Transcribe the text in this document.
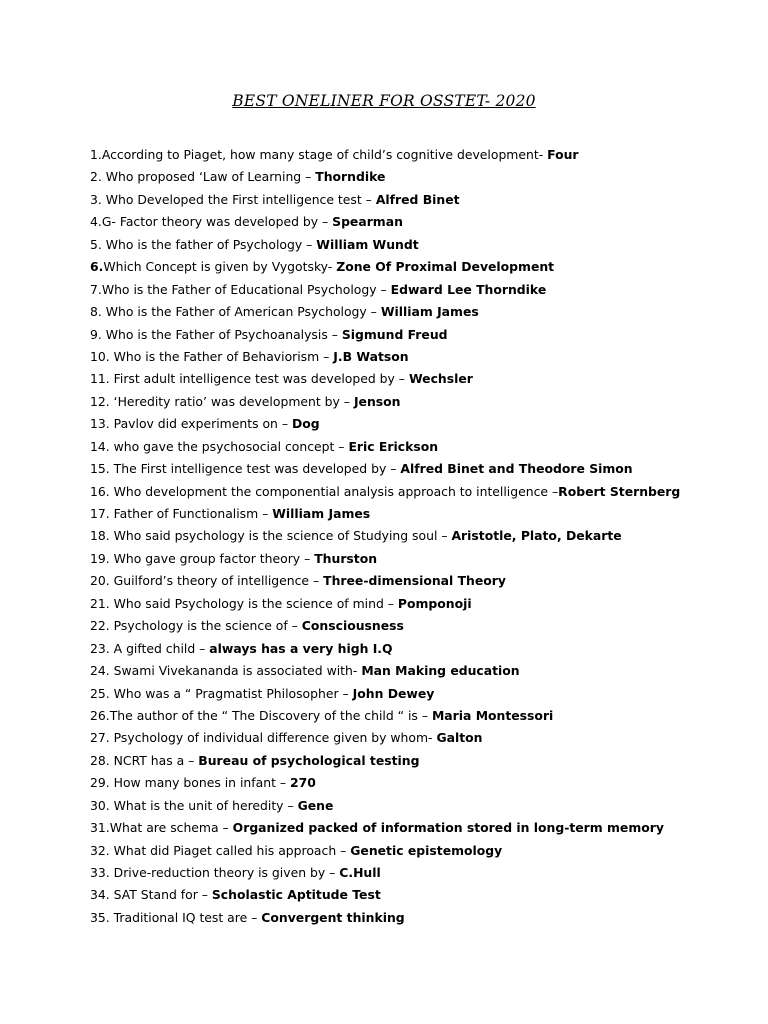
BEST ONELINER FOR OSSTET- 2020
1.According to Piaget, how many stage of child’s cognitive development- Four
2. Who proposed ‘Law of Learning – Thorndike
3. Who Developed the First intelligence test – Alfred Binet
4.G- Factor theory was developed by – Spearman
5. Who is the father of Psychology – William Wundt
6.Which Concept is given by Vygotsky- Zone Of Proximal Development
7.Who is the Father of Educational Psychology – Edward Lee Thorndike
8. Who is the Father of American Psychology – William James
9. Who is the Father of Psychoanalysis – Sigmund Freud
10. Who is the Father of Behaviorism – J.B Watson
11. First adult intelligence test was developed by – Wechsler
12. ‘Heredity ratio’ was development by – Jenson
13. Pavlov did experiments on – Dog
14. who gave the psychosocial concept – Eric Erickson
15. The First intelligence test was developed by – Alfred Binet and Theodore Simon
16. Who development the componential analysis approach to intelligence –Robert Sternberg
17. Father of Functionalism – William James
18. Who said psychology is the science of Studying soul – Aristotle, Plato, Dekarte
19. Who gave group factor theory – Thurston
20. Guilford’s theory of intelligence – Three-dimensional Theory
21. Who said Psychology is the science of mind – Pomponoji
22. Psychology is the science of – Consciousness
23. A gifted child – always has a very high I.Q
24. Swami Vivekananda is associated with- Man Making education
25. Who was a “ Pragmatist Philosopher – John Dewey
26.The author of the “ The Discovery of the child “ is – Maria Montessori
27. Psychology of individual difference given by whom- Galton
28. NCRT has a – Bureau of psychological testing
29. How many bones in infant – 270
30. What is the unit of heredity – Gene
31.What are schema – Organized packed of information stored in long-term memory
32. What did Piaget called his approach – Genetic epistemology
33. Drive-reduction theory is given by – C.Hull
34. SAT Stand for – Scholastic Aptitude Test
35. Traditional IQ test are – Convergent thinking
